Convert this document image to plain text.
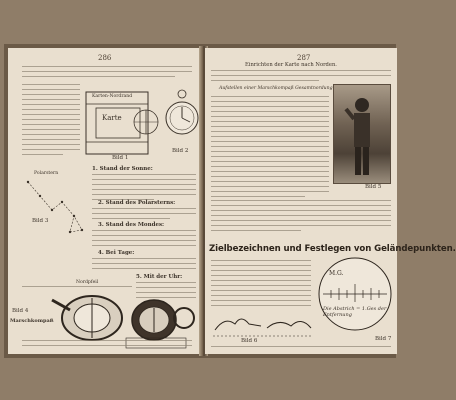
286
Karten-Nordrand
Karte
Bild 1
Bild 2
1. Stand der Sonne:
2. Stand des Polarsterns:
3. Stand des Mondes:
4. Bei Tage:
5. Mit der Uhr:
Polarstern
Bild 3
Bild 4
Marschkompaß
Nordpfeil
287
Einrichten der Karte nach Norden.
Aufstellen einer Marschkompaß Gesamtnordung
Bild 5
Zielbezeichnen und Festlegen von Geländepunkten.
M.G.
Die Abstrich = 1.Ges der Entfernung
Bild 7
Bild 6
